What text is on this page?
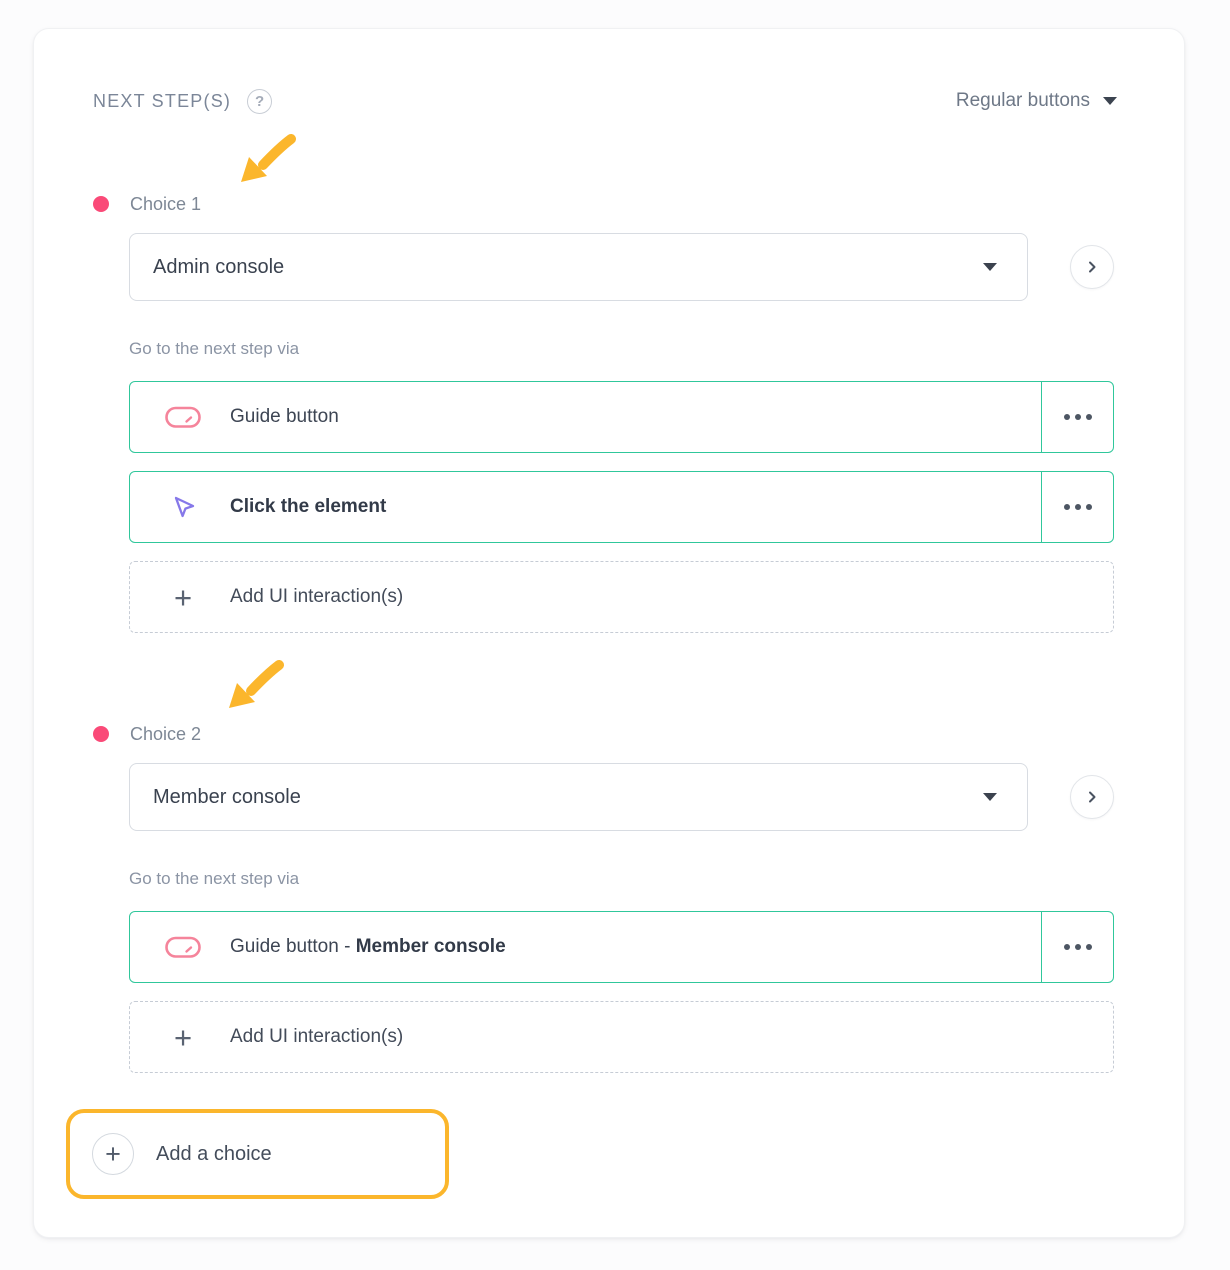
NEXT STEP(S)	?	Regular buttons
Choice 1
Admin console
Go to the next step via
Guide button
Click the element
+	Add UI interaction(s)
Choice 2
Member console
Go to the next step via
Guide button - Member console
+	Add UI interaction(s)
+	Add a choice
